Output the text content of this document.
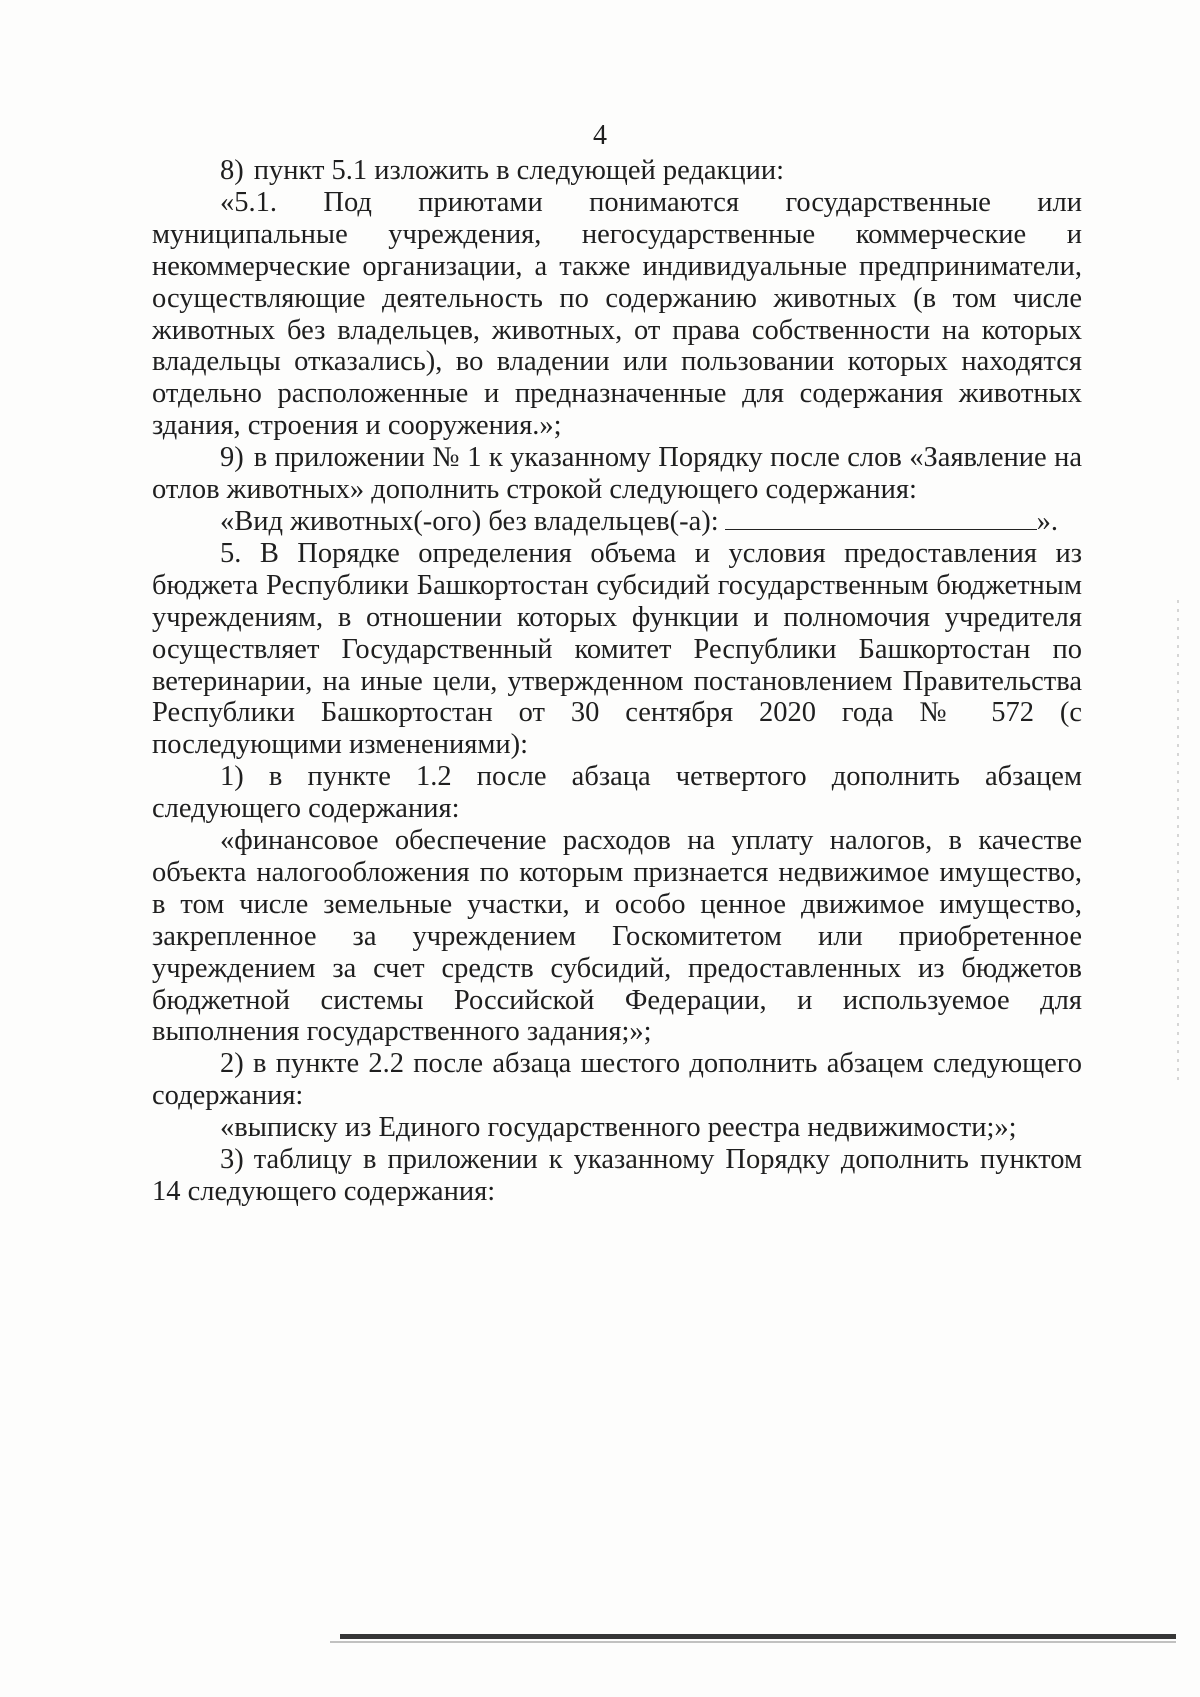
4

8) пункт 5.1 изложить в следующей редакции:

«5.1. Под приютами понимаются государственные или муниципальные учреждения, негосударственные коммерческие и некоммерческие организации, а также индивидуальные предприниматели, осуществляющие деятельность по содержанию животных (в том числе животных без владельцев, животных, от права собственности на которых владельцы отказались), во владении или пользовании которых находятся отдельно расположенные и предназначенные для содержания животных здания, строения и сооружения.»;

9) в приложении № 1 к указанному Порядку после слов «Заявление на отлов животных» дополнить строкой следующего содержания:

«Вид животных(-ого) без владельцев(-а):	».

5. В Порядке определения объема и условия предоставления из бюджета Республики Башкортостан субсидий государственным бюджетным учреждениям, в отношении которых функции и полномочия учредителя осуществляет Государственный комитет Республики Башкортостан по ветеринарии, на иные цели, утвержденном постановлением Правительства Республики Башкортостан от 30 сентября 2020 года № 572 (с последующими изменениями):

1) в пункте 1.2 после абзаца четвертого дополнить абзацем следующего содержания:

«финансовое обеспечение расходов на уплату налогов, в качестве объекта налогообложения по которым признается недвижимое имущество, в том числе земельные участки, и особо ценное движимое имущество, закрепленное за учреждением Госкомитетом или приобретенное учреждением за счет средств субсидий, предоставленных из бюджетов бюджетной системы Российской Федерации, и используемое для выполнения государственного задания;»;

2) в пункте 2.2 после абзаца шестого дополнить абзацем следующего содержания:

«выписку из Единого государственного реестра недвижимости;»;

3) таблицу в приложении к указанному Порядку дополнить пунктом 14 следующего содержания:
